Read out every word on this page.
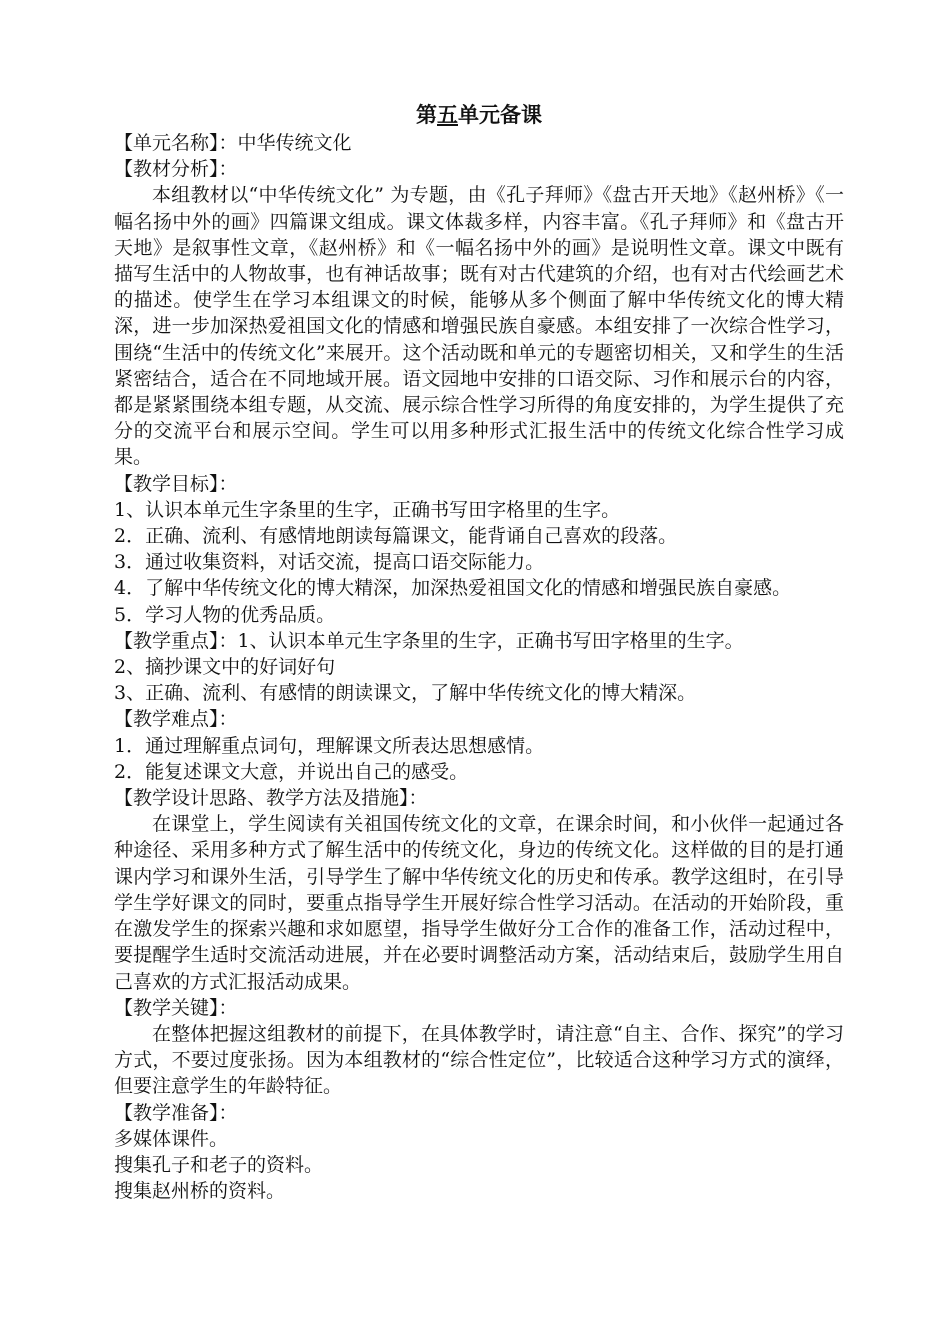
第五单元备课

【单元名称】：中华传统文化

【教材分析】：

本组教材以“中华传统文化” 为专题，由《孔子拜师》《盘古开天地》《赵州桥》《一幅名扬中外的画》四篇课文组成。课文体裁多样，内容丰富。《孔子拜师》和《盘古开天地》是叙事性文章，《赵州桥》和《一幅名扬中外的画》是说明性文章。课文中既有描写生活中的人物故事，也有神话故事；既有对古代建筑的介绍，也有对古代绘画艺术的描述。使学生在学习本组课文的时候，能够从多个侧面了解中华传统文化的博大精深，进一步加深热爱祖国文化的情感和增强民族自豪感。本组安排了一次综合性学习，围绕“生活中的传统文化”来展开。这个活动既和单元的专题密切相关，又和学生的生活紧密结合，适合在不同地域开展。语文园地中安排的口语交际、习作和展示台的内容，都是紧紧围绕本组专题，从交流、展示综合性学习所得的角度安排的，为学生提供了充分的交流平台和展示空间。学生可以用多种形式汇报生活中的传统文化综合性学习成果。

【教学目标】：

1、认识本单元生字条里的生字，正确书写田字格里的生字。

2．正确、流利、有感情地朗读每篇课文，能背诵自己喜欢的段落。

3．通过收集资料，对话交流，提高口语交际能力。

4．了解中华传统文化的博大精深，加深热爱祖国文化的情感和增强民族自豪感。

5．学习人物的优秀品质。

【教学重点】：1、认识本单元生字条里的生字，正确书写田字格里的生字。

2、摘抄课文中的好词好句

3、正确、流利、有感情的朗读课文，了解中华传统文化的博大精深。

【教学难点】：

1．通过理解重点词句，理解课文所表达思想感情。

2．能复述课文大意，并说出自己的感受。

【教学设计思路、教学方法及措施】：

在课堂上，学生阅读有关祖国传统文化的文章，在课余时间，和小伙伴一起通过各种途径、采用多种方式了解生活中的传统文化，身边的传统文化。这样做的目的是打通课内学习和课外生活，引导学生了解中华传统文化的历史和传承。教学这组时，在引导学生学好课文的同时，要重点指导学生开展好综合性学习活动。在活动的开始阶段，重在激发学生的探索兴趣和求如愿望，指导学生做好分工合作的准备工作，活动过程中， 要提醒学生适时交流活动进展，并在必要时调整活动方案，活动结束后，鼓励学生用自己喜欢的方式汇报活动成果。

【教学关键】：

在整体把握这组教材的前提下，在具体教学时，请注意“自主、合作、探究”的学习方式，不要过度张扬。因为本组教材的“综合性定位”，比较适合这种学习方式的演绎，但要注意学生的年龄特征。

【教学准备】：

多媒体课件。

搜集孔子和老子的资料。

搜集赵州桥的资料。
